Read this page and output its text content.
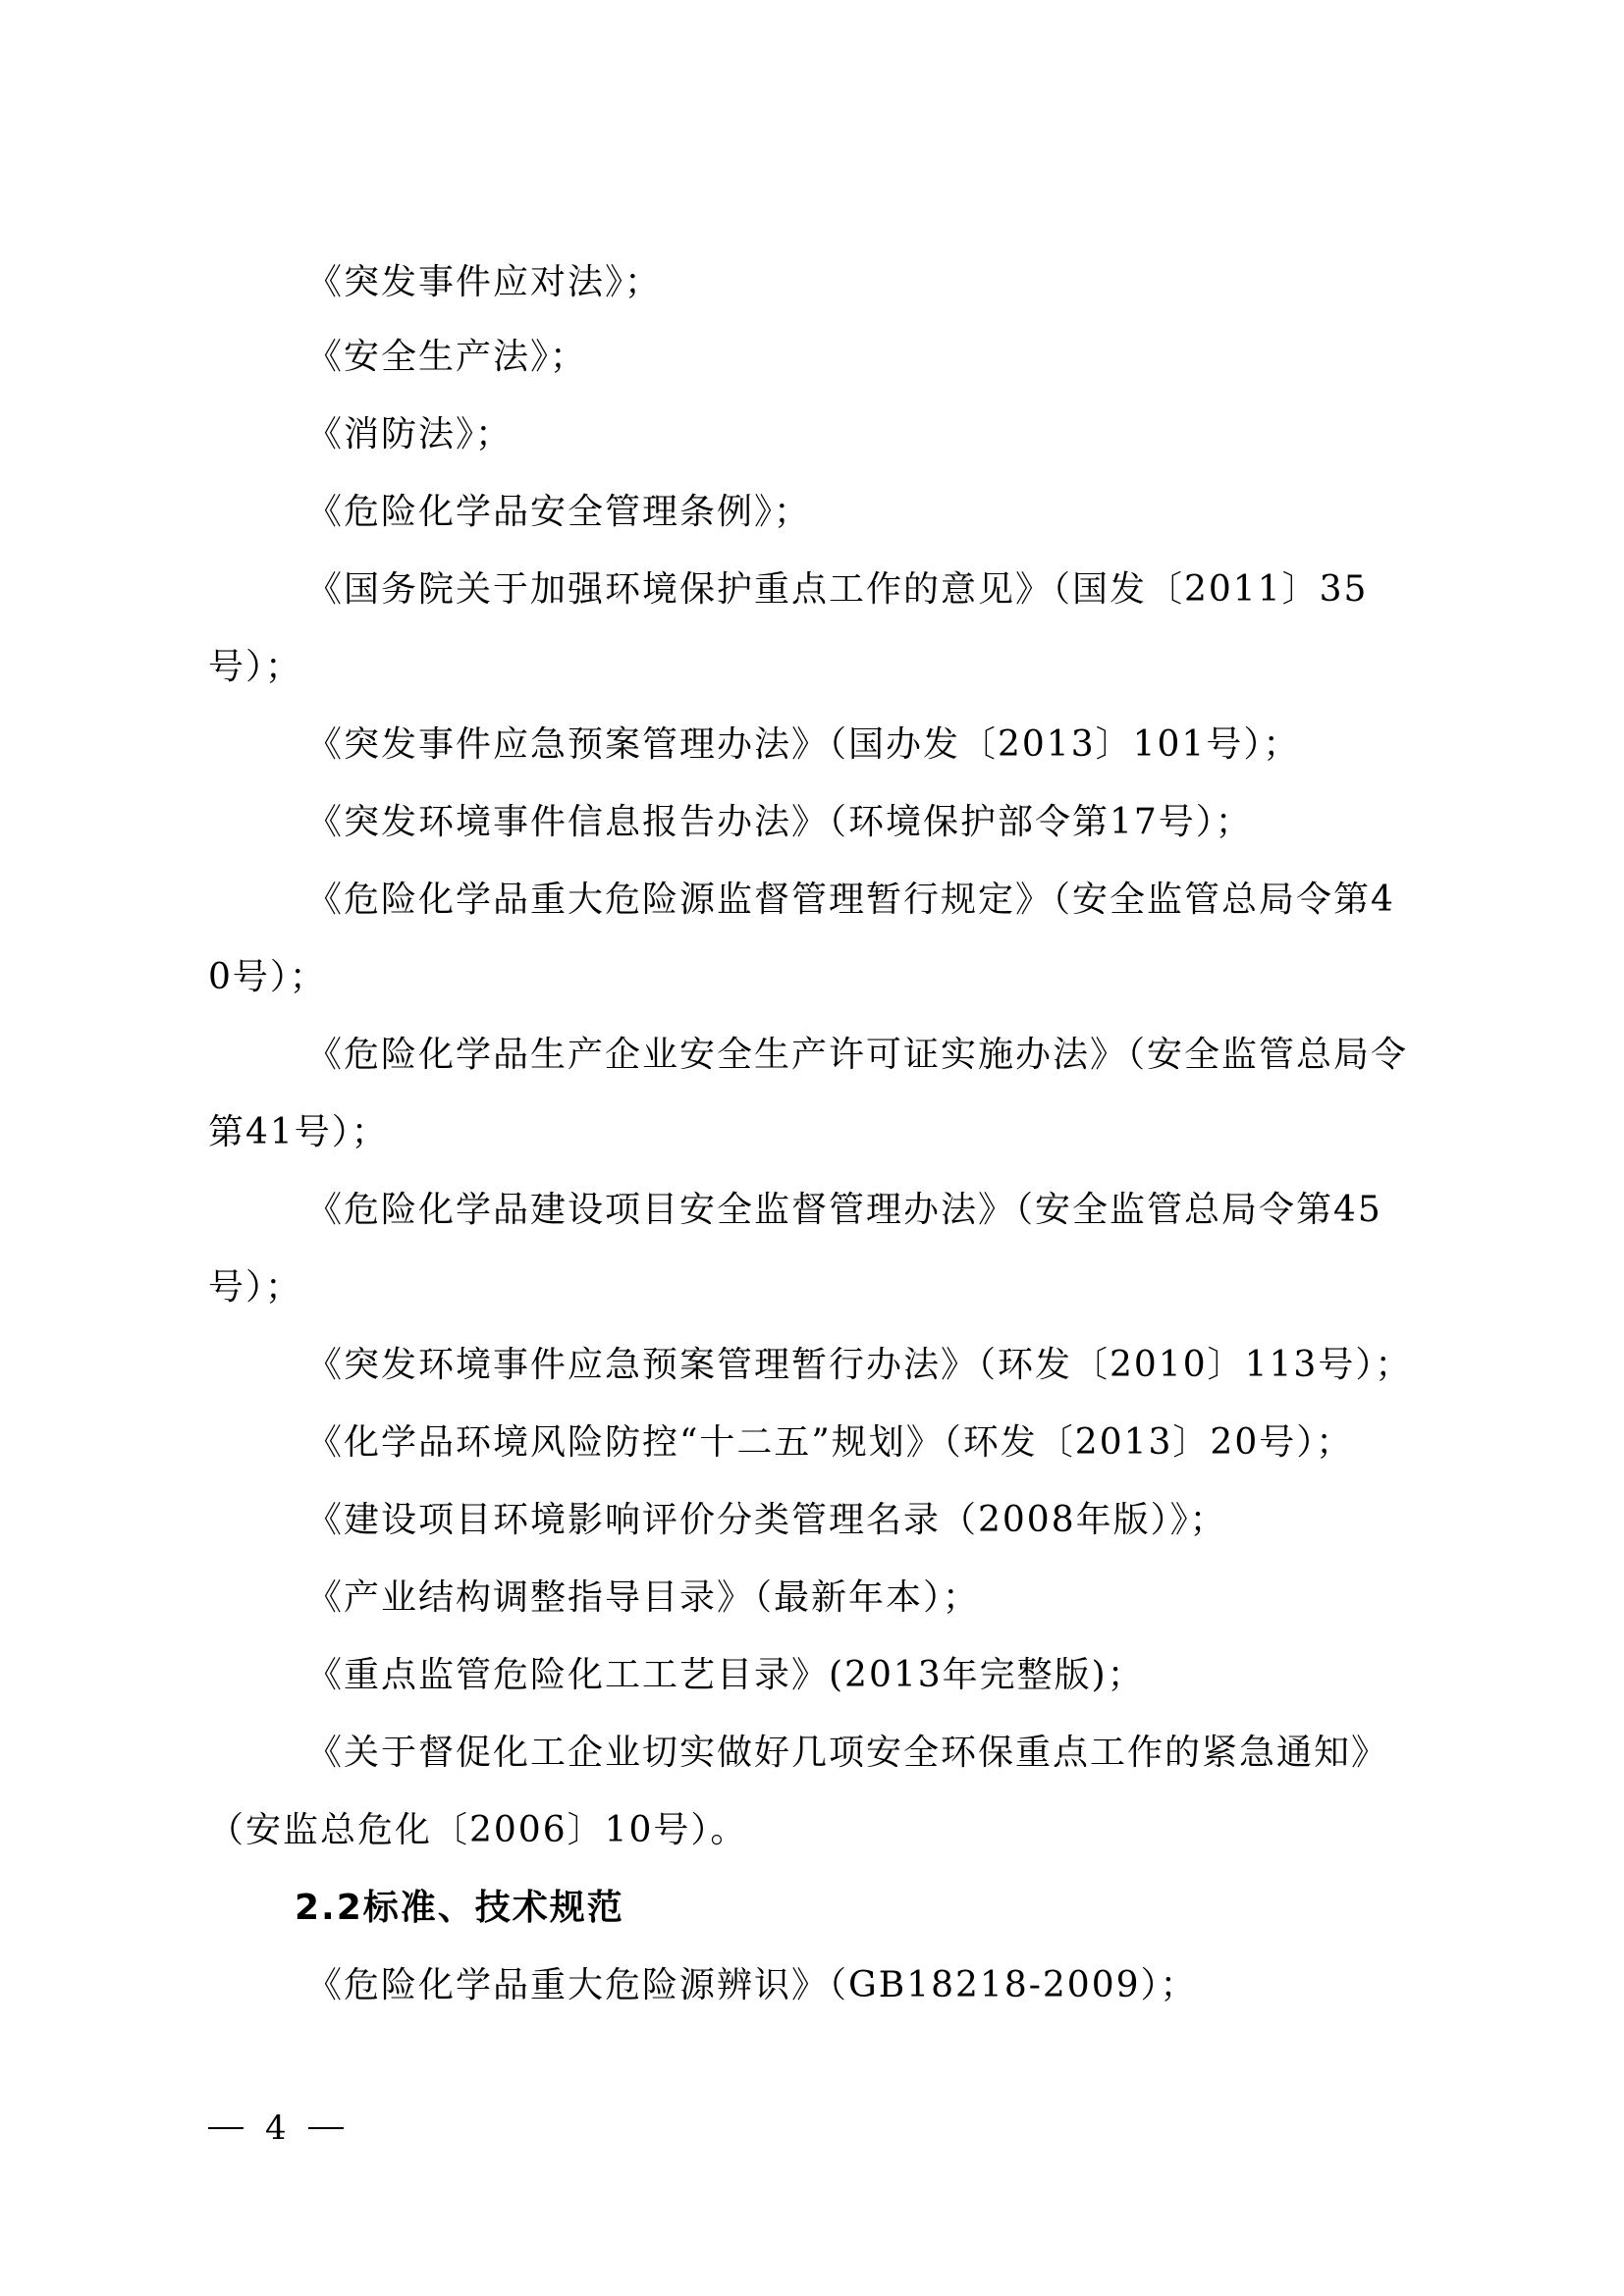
《突发事件应对法》；

《安全生产法》；

《消防法》；

《危险化学品安全管理条例》；

《国务院关于加强环境保护重点工作的意见》（国发〔2011〕35号）；

《突发事件应急预案管理办法》（国办发〔2013〕101号）；

《突发环境事件信息报告办法》（环境保护部令第17号）；

《危险化学品重大危险源监督管理暂行规定》（安全监管总局令第40号）；

《危险化学品生产企业安全生产许可证实施办法》（安全监管总局令第41号）；

《危险化学品建设项目安全监督管理办法》（安全监管总局令第45号）；

《突发环境事件应急预案管理暂行办法》（环发〔2010〕113号）；

《化学品环境风险防控“十二五”规划》（环发〔2013〕20号）；

《建设项目环境影响评价分类管理名录（2008年版）》；

《产业结构调整指导目录》（最新年本）；

《重点监管危险化工工艺目录》(2013年完整版)；

《关于督促化工企业切实做好几项安全环保重点工作的紧急通知》（安监总危化〔2006〕10号）。

2.2标准、技术规范

《危险化学品重大危险源辨识》（GB18218-2009）；

4
